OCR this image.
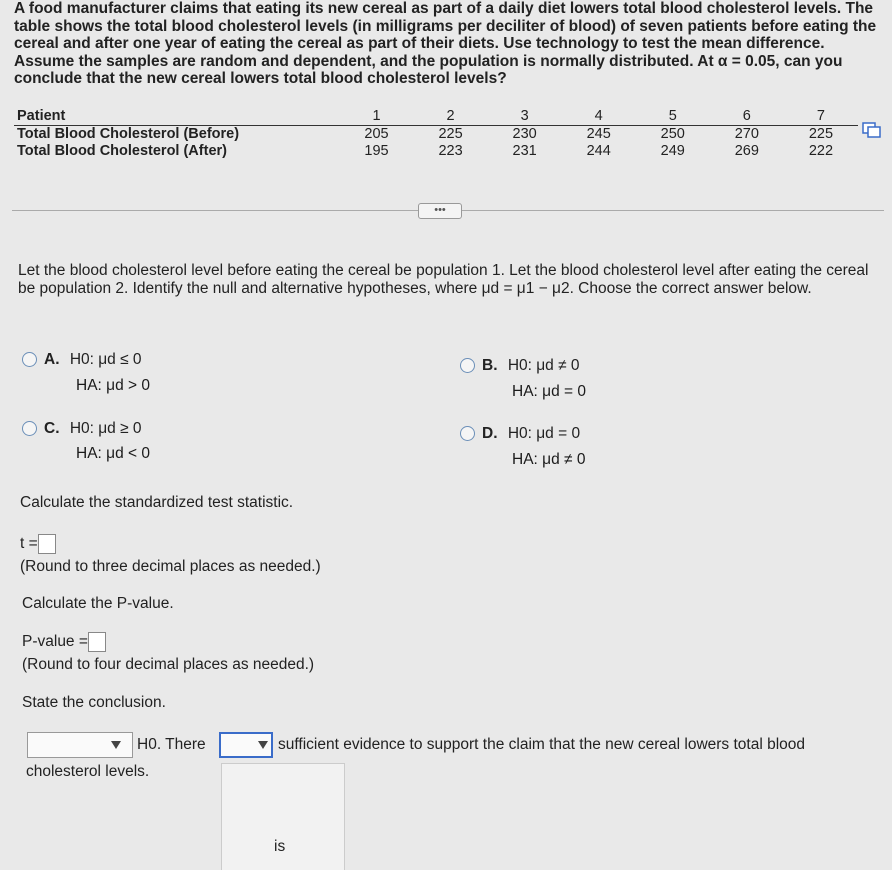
A food manufacturer claims that eating its new cereal as part of a daily diet lowers total blood cholesterol levels. The table shows the total blood cholesterol levels (in milligrams per deciliter of blood) of seven patients before eating the cereal and after one year of eating the cereal as part of their diets. Use technology to test the mean difference. Assume the samples are random and dependent, and the population is normally distributed. At α = 0.05, can you conclude that the new cereal lowers total blood cholesterol levels?
Patient	1	2	3	4	5	6	7
Total Blood Cholesterol (Before)	205	225	230	245	250	270	225
Total Blood Cholesterol (After)	195	223	231	244	249	269	222
•••
Let the blood cholesterol level before eating the cereal be population 1. Let the blood cholesterol level after eating the cereal be population 2. Identify the null and alternative hypotheses, where μd = μ1 − μ2. Choose the correct answer below.
A. H0: μd ≤ 0
HA: μd > 0
B. H0: μd ≠ 0
HA: μd = 0
C. H0: μd ≥ 0
HA: μd < 0
D. H0: μd = 0
HA: μd ≠ 0
Calculate the standardized test statistic.
t =
(Round to three decimal places as needed.)
Calculate the P-value.
P-value =
(Round to four decimal places as needed.)
State the conclusion.
H0. There	sufficient evidence to support the claim that the new cereal lowers total blood
cholesterol levels.
is
